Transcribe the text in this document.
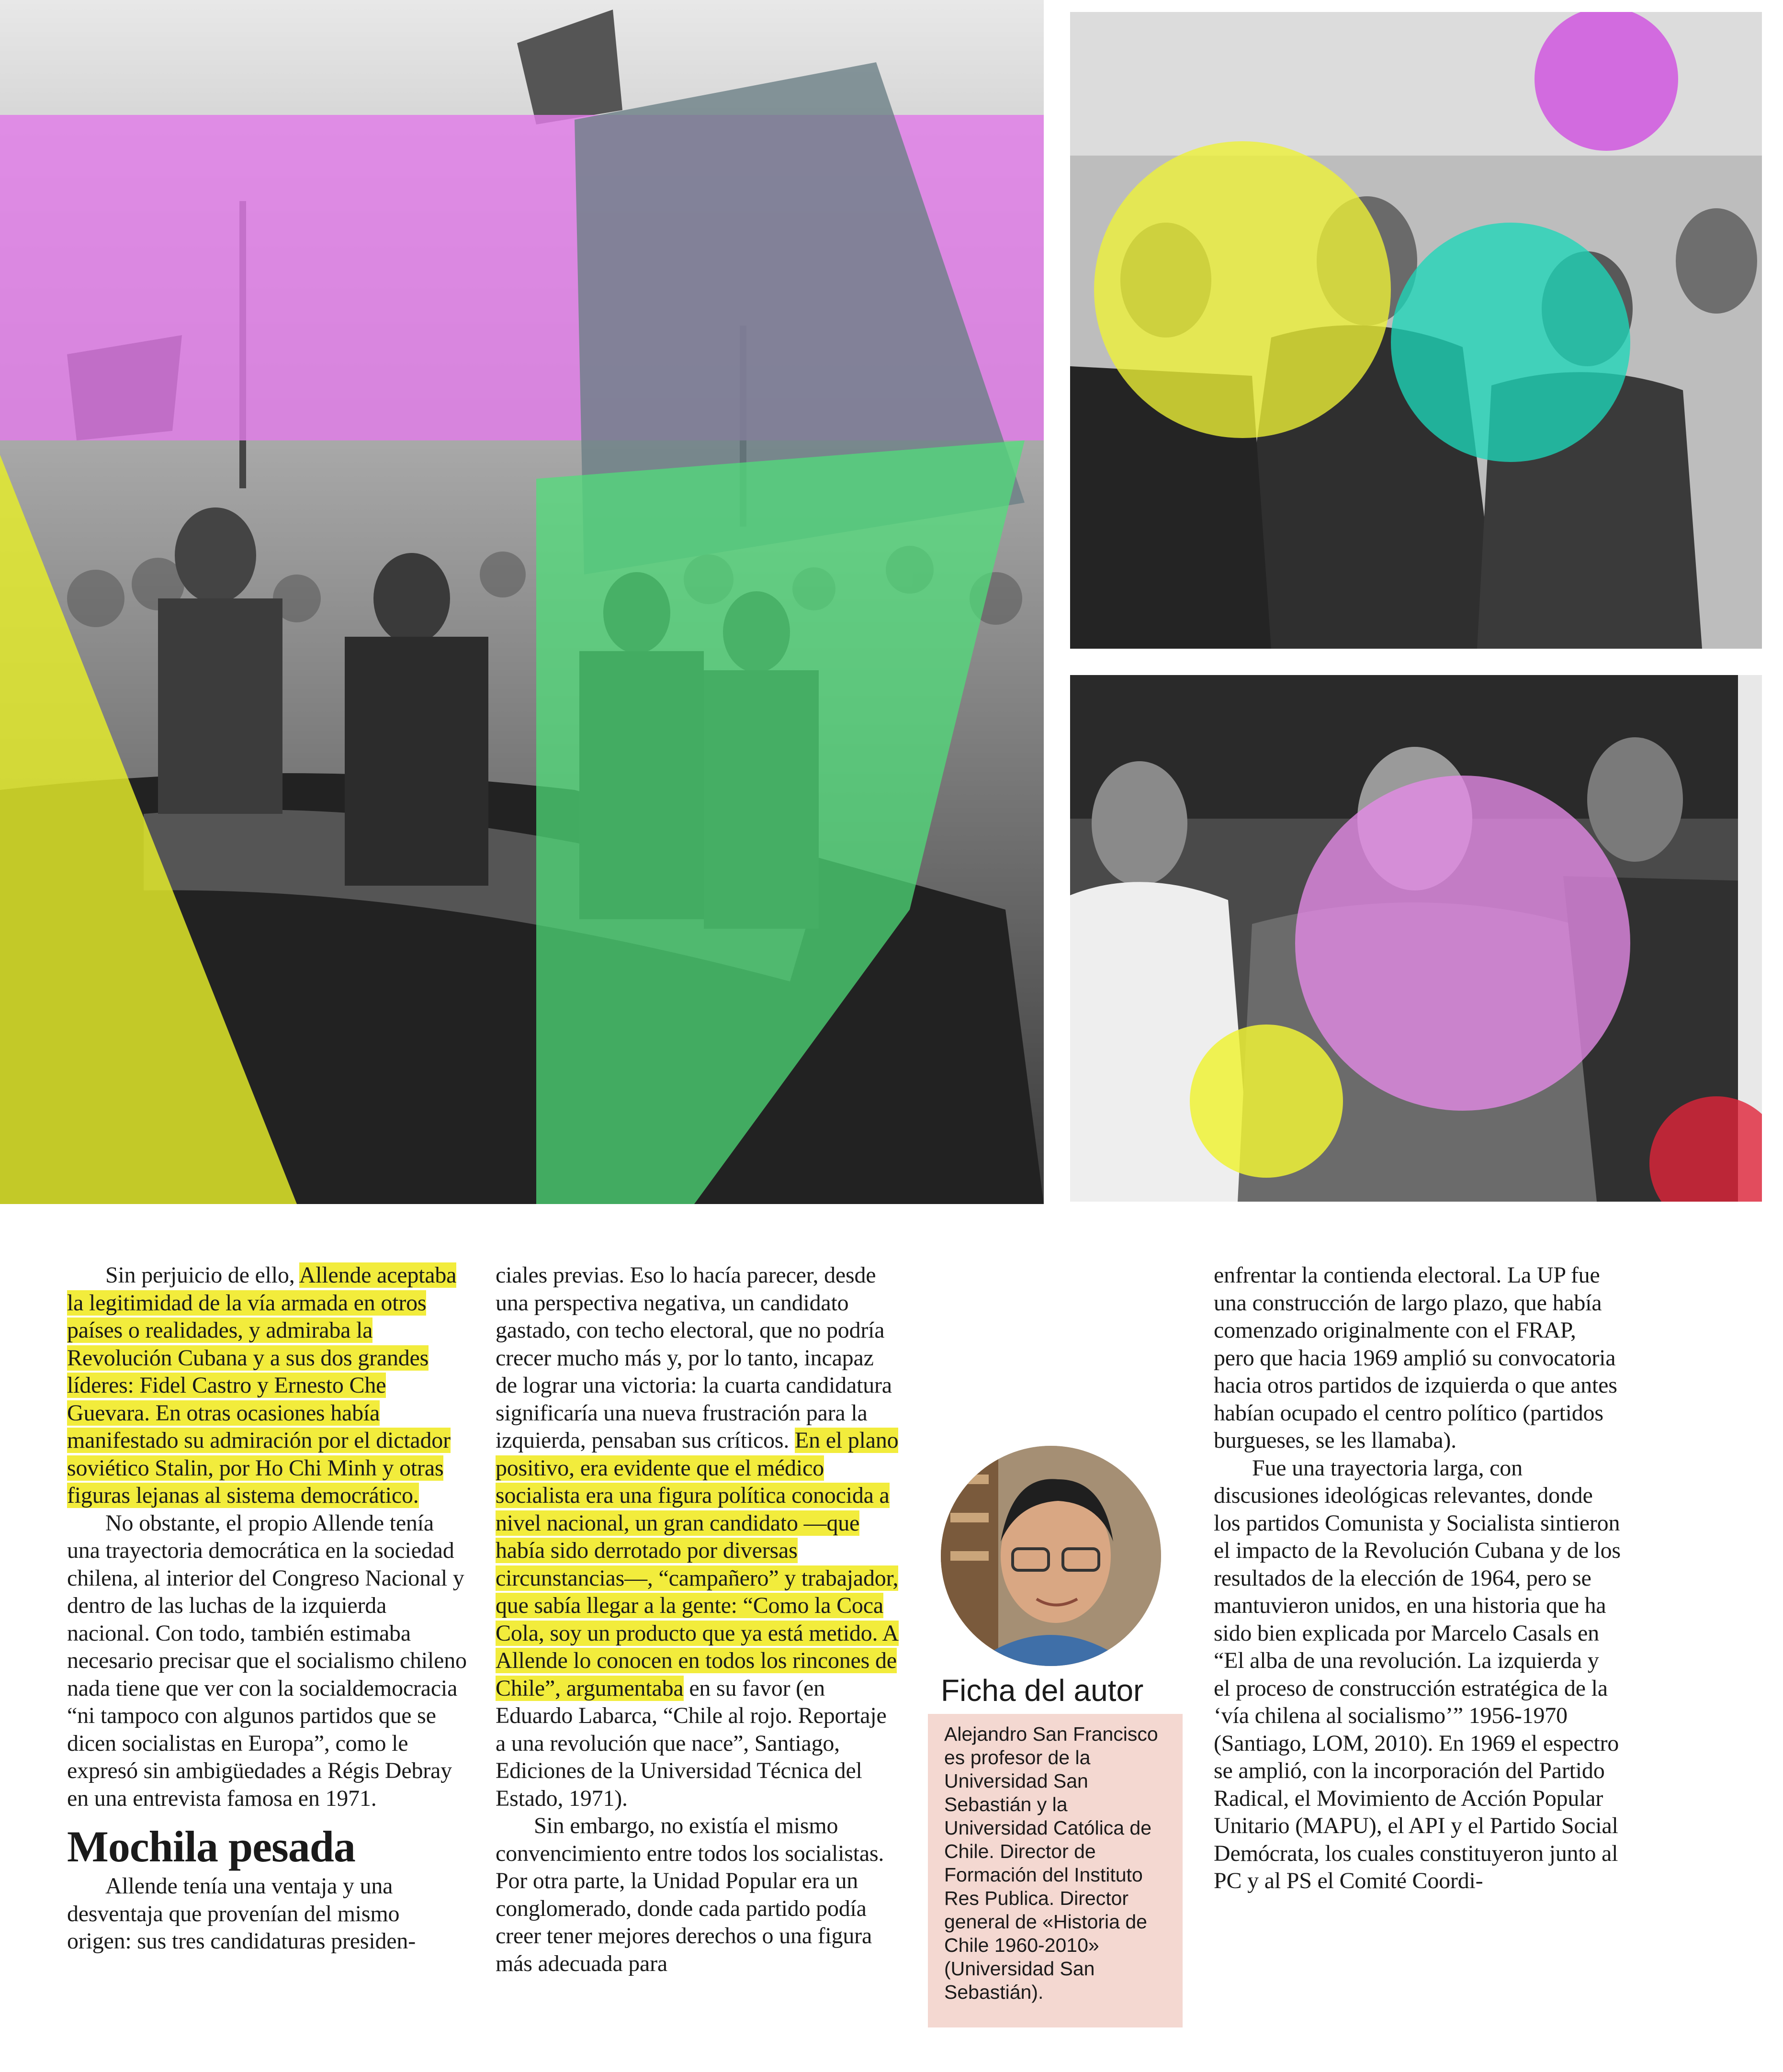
Sin perjuicio de ello, Allende aceptaba la legitimidad de la vía armada en otros países o realidades, y admiraba la Revolución Cubana y a sus dos grandes líderes: Fidel Castro y Ernesto Che Guevara. En otras ocasiones había manifestado su admiración por el dictador soviético Stalin, por Ho Chi Minh y otras figuras lejanas al sistema democrático.

No obstante, el propio Allende tenía una trayectoria democrática en la sociedad chilena, al interior del Congreso Nacional y dentro de las luchas de la izquierda nacional. Con todo, también estimaba necesario precisar que el socialismo chileno nada tiene que ver con la socialdemocracia “ni tampoco con algunos partidos que se dicen socialistas en Europa”, como le expresó sin ambigüedades a Régis Debray en una entrevista famosa en 1971.

Mochila pesada

Allende tenía una ventaja y una desventaja que provenían del mismo origen: sus tres candidaturas presiden-

ciales previas. Eso lo hacía parecer, desde una perspectiva negativa, un candidato gastado, con techo electoral, que no podría crecer mucho más y, por lo tanto, incapaz de lograr una victoria: la cuarta candidatura significaría una nueva frustración para la izquierda, pensaban sus críticos. En el plano positivo, era evidente que el médico socialista era una figura política conocida a nivel nacional, un gran candidato —que había sido derrotado por diversas circunstancias—, “campañero” y trabajador, que sabía llegar a la gente: “Como la Coca Cola, soy un producto que ya está metido. A Allende lo conocen en todos los rincones de Chile”, argumentaba en su favor (en Eduardo Labarca, “Chile al rojo. Reportaje a una revolución que nace”, Santiago, Ediciones de la Universidad Técnica del Estado, 1971).

Sin embargo, no existía el mismo convencimiento entre todos los socialistas. Por otra parte, la Unidad Popular era un conglomerado, donde cada partido podía creer tener mejores derechos o una figura más adecuada para

Ficha del autor
Alejandro San Francisco es profesor de la Universidad San Sebastián y la Universidad Católica de Chile. Director de Formación del Instituto Res Publica. Director general de «Historia de Chile 1960-2010» (Universidad San Sebastián).

enfrentar la contienda electoral. La UP fue una construcción de largo plazo, que había comenzado originalmente con el FRAP, pero que hacia 1969 amplió su convocatoria hacia otros partidos de izquierda o que antes habían ocupado el centro político (partidos burgueses, se les llamaba).

Fue una trayectoria larga, con discusiones ideológicas relevantes, donde los partidos Comunista y Socialista sintieron el impacto de la Revolución Cubana y de los resultados de la elección de 1964, pero se mantuvieron unidos, en una historia que ha sido bien explicada por Marcelo Casals en “El alba de una revolución. La izquierda y el proceso de construcción estratégica de la ‘vía chilena al socialismo’” 1956-1970 (Santiago, LOM, 2010). En 1969 el espectro se amplió, con la incorporación del Partido Radical, el Movimiento de Acción Popular Unitario (MAPU), el API y el Partido Social Demócrata, los cuales constituyeron junto al PC y al PS el Comité Coordi-
